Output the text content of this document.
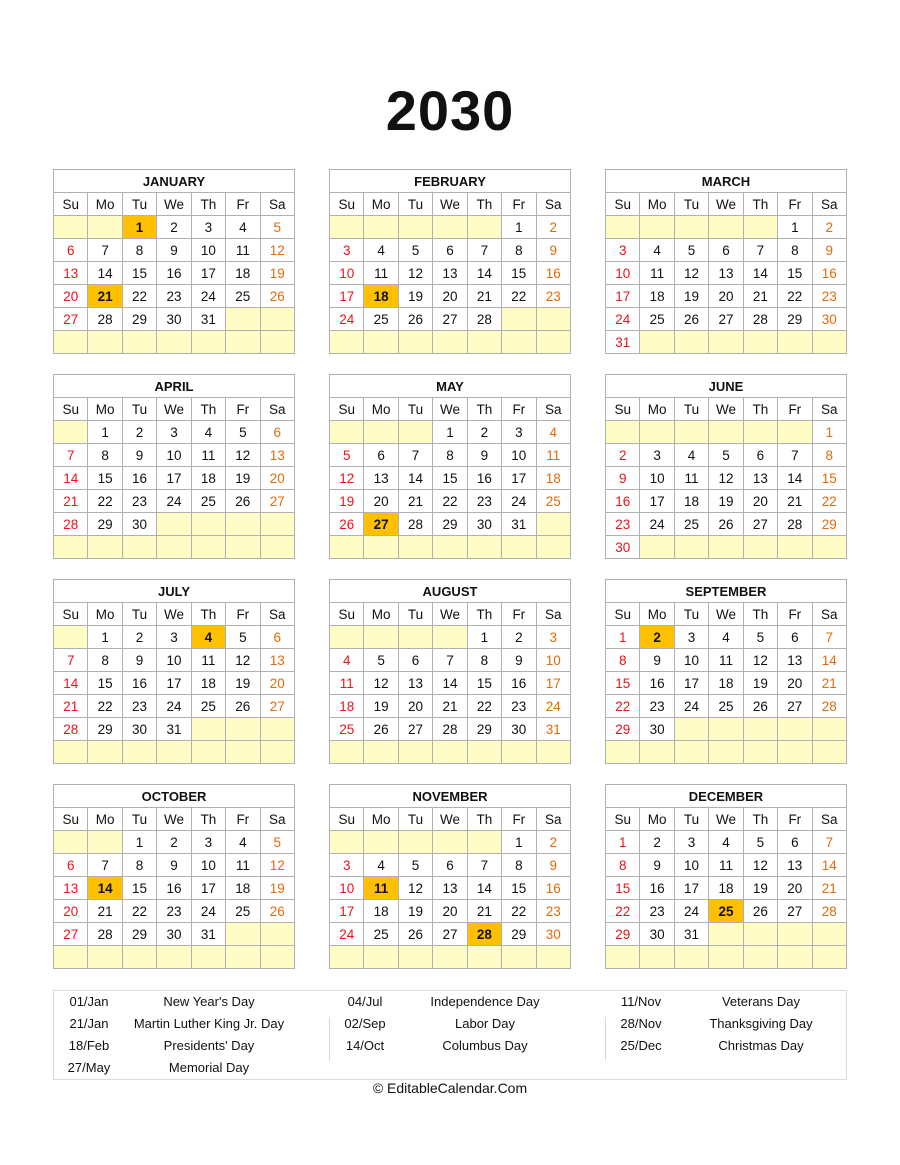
2030
JANUARY						
Su	Mo	Tu	We	Th	Fr	Sa
		1	2	3	4	5
6	7	8	9	10	11	12
13	14	15	16	17	18	19
20	21	22	23	24	25	26
27	28	29	30	31		

FEBRUARY						
Su	Mo	Tu	We	Th	Fr	Sa
					1	2
3	4	5	6	7	8	9
10	11	12	13	14	15	16
17	18	19	20	21	22	23
24	25	26	27	28		

MARCH						
Su	Mo	Tu	We	Th	Fr	Sa
					1	2
3	4	5	6	7	8	9
10	11	12	13	14	15	16
17	18	19	20	21	22	23
24	25	26	27	28	29	30
31						
APRIL						
Su	Mo	Tu	We	Th	Fr	Sa
	1	2	3	4	5	6
7	8	9	10	11	12	13
14	15	16	17	18	19	20
21	22	23	24	25	26	27
28	29	30				

MAY						
Su	Mo	Tu	We	Th	Fr	Sa
			1	2	3	4
5	6	7	8	9	10	11
12	13	14	15	16	17	18
19	20	21	22	23	24	25
26	27	28	29	30	31	

JUNE						
Su	Mo	Tu	We	Th	Fr	Sa
						1
2	3	4	5	6	7	8
9	10	11	12	13	14	15
16	17	18	19	20	21	22
23	24	25	26	27	28	29
30						
JULY						
Su	Mo	Tu	We	Th	Fr	Sa
	1	2	3	4	5	6
7	8	9	10	11	12	13
14	15	16	17	18	19	20
21	22	23	24	25	26	27
28	29	30	31			

AUGUST						
Su	Mo	Tu	We	Th	Fr	Sa
				1	2	3
4	5	6	7	8	9	10
11	12	13	14	15	16	17
18	19	20	21	22	23	24
25	26	27	28	29	30	31

SEPTEMBER						
Su	Mo	Tu	We	Th	Fr	Sa
1	2	3	4	5	6	7
8	9	10	11	12	13	14
15	16	17	18	19	20	21
22	23	24	25	26	27	28
29	30					

OCTOBER						
Su	Mo	Tu	We	Th	Fr	Sa
		1	2	3	4	5
6	7	8	9	10	11	12
13	14	15	16	17	18	19
20	21	22	23	24	25	26
27	28	29	30	31		

NOVEMBER						
Su	Mo	Tu	We	Th	Fr	Sa
					1	2
3	4	5	6	7	8	9
10	11	12	13	14	15	16
17	18	19	20	21	22	23
24	25	26	27	28	29	30

DECEMBER						
Su	Mo	Tu	We	Th	Fr	Sa
1	2	3	4	5	6	7
8	9	10	11	12	13	14
15	16	17	18	19	20	21
22	23	24	25	26	27	28
29	30	31				

01/Jan	New Year's Day
21/Jan	Martin Luther King Jr. Day
18/Feb	Presidents' Day
27/May	Memorial Day
04/Jul	Independence Day
02/Sep	Labor Day
14/Oct	Columbus Day
11/Nov	Veterans Day
28/Nov	Thanksgiving Day
25/Dec	Christmas Day
© EditableCalendar.Com
